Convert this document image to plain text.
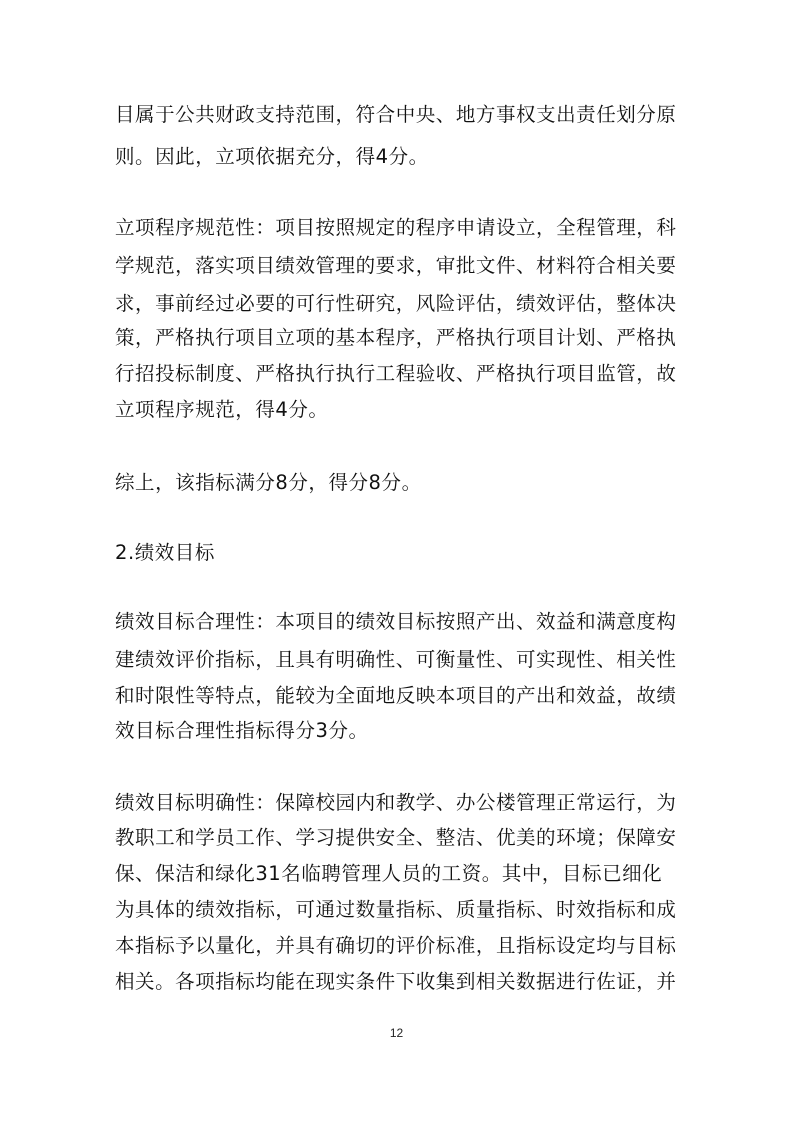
目属于公共财政支持范围，符合中央、地方事权支出责任划分原
则。因此，立项依据充分，得4分。
立项程序规范性：项目按照规定的程序申请设立，全程管理，科
学规范，落实项目绩效管理的要求，审批文件、材料符合相关要
求，事前经过必要的可行性研究，风险评估，绩效评估，整体决
策，严格执行项目立项的基本程序，严格执行项目计划、严格执
行招投标制度、严格执行执行工程验收、严格执行项目监管，故
立项程序规范，得4分。
综上，该指标满分8分，得分8分。
2.绩效目标
绩效目标合理性：本项目的绩效目标按照产出、效益和满意度构
建绩效评价指标，且具有明确性、可衡量性、可实现性、相关性
和时限性等特点，能较为全面地反映本项目的产出和效益，故绩
效目标合理性指标得分3分。
绩效目标明确性：保障校园内和教学、办公楼管理正常运行，为
教职工和学员工作、学习提供安全、整洁、优美的环境；保障安
保、保洁和绿化31名临聘管理人员的工资。其中，目标已细化
为具体的绩效指标，可通过数量指标、质量指标、时效指标和成
本指标予以量化，并具有确切的评价标准，且指标设定均与目标
相关。各项指标均能在现实条件下收集到相关数据进行佐证，并
12
